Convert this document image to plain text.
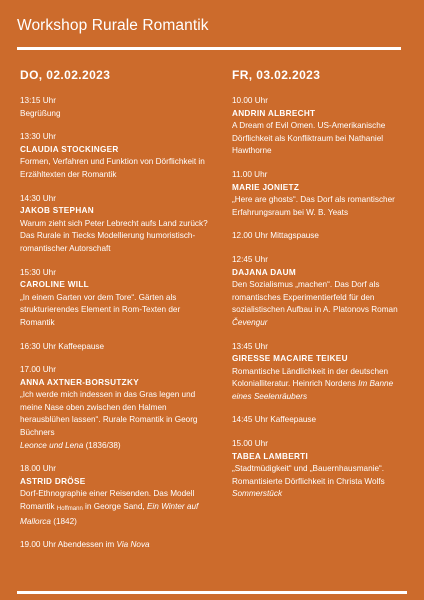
Workshop Rurale Romantik
DO, 02.02.2023
13:15 Uhr
Begrüßung
13:30 Uhr
CLAUDIA STOCKINGER
Formen, Verfahren und Funktion von Dörflichkeit in Erzähltexten der Romantik
14:30 Uhr
JAKOB STEPHAN
Warum zieht sich Peter Lebrecht aufs Land zurück? Das Rurale in Tiecks Modellierung humoristisch-romantischer Autorschaft
15:30 Uhr
CAROLINE WILL
„In einem Garten vor dem Tore“. Gärten als strukturierendes Element in Rom-Texten der Romantik
16:30 Uhr Kaffeepause
17.00 Uhr
ANNA AXTNER-BORSUTZKY
„Ich werde mich indessen in das Gras legen und meine Nase oben zwischen den Halmen herausblühen lassen“. Rurale Romantik in Georg Büchners
Leonce und Lena (1836/38)
18.00 Uhr
ASTRID DRÖSE
Dorf-Ethnographie einer Reisenden. Das Modell Romantik Hoffmann in George Sand, Ein Winter auf Mallorca (1842)
19.00 Uhr Abendessen im Via Nova
FR, 03.02.2023
10.00 Uhr
ANDRIN ALBRECHT
A Dream of Evil Omen. US-Amerikanische Dörflichkeit als Konfliktraum bei Nathaniel Hawthorne
11.00 Uhr
MARIE JONIETZ
„Here are ghosts“. Das Dorf als romantischer Erfahrungsraum bei W. B. Yeats
12.00 Uhr Mittagspause
12:45 Uhr
DAJANA DAUM
Den Sozialismus „machen“. Das Dorf als romantisches Experimentierfeld für den sozialistischen Aufbau in A. Platonovs Roman Čevengur
13:45 Uhr
GIRESSE MACAIRE TEIKEU
Romantische Ländlichkeit in der deutschen Kolonialliteratur. Heinrich Nordens Im Banne eines Seelenräubers
14:45 Uhr Kaffeepause
15.00 Uhr
TABEA LAMBERTI
„Stadtmüdigkeit“ und „Bauernhausmanie“. Romantisierte Dörflichkeit in Christa Wolfs
Sommerstück
